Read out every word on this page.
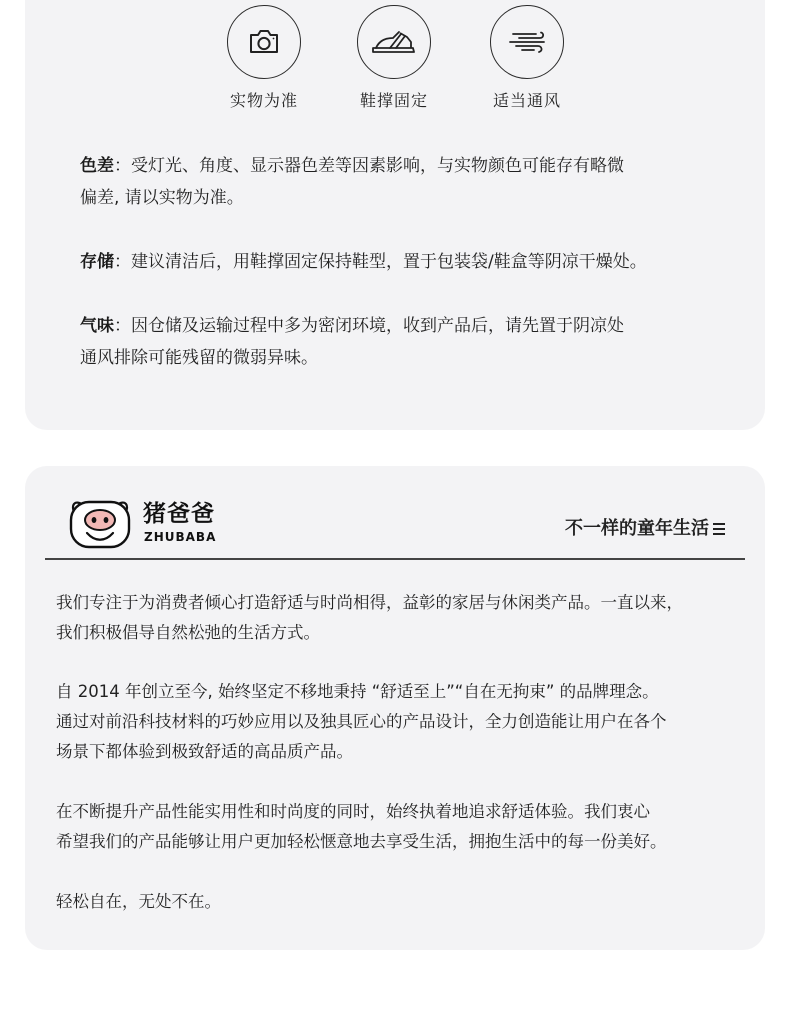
实物为准	鞋撑固定	适当通风
色差：受灯光、角度、显示器色差等因素影响，与实物颜色可能存有略微
偏差, 请以实物为准。
存储：建议清洁后，用鞋撑固定保持鞋型，置于包装袋/鞋盒等阴凉干燥处。
气味：因仓储及运输过程中多为密闭环境，收到产品后，请先置于阴凉处
通风排除可能残留的微弱异味。
猪爸爸
ZHUBABA	不一样的童年生活
我们专注于为消费者倾心打造舒适与时尚相得，益彰的家居与休闲类产品。一直以来，
我们积极倡导自然松弛的生活方式。
自 2014 年创立至今, 始终坚定不移地秉持 “舒适至上”“自在无拘束” 的品牌理念。
通过对前沿科技材料的巧妙应用以及独具匠心的产品设计，全力创造能让用户在各个
场景下都体验到极致舒适的高品质产品。
在不断提升产品性能实用性和时尚度的同时，始终执着地追求舒适体验。我们衷心
希望我们的产品能够让用户更加轻松惬意地去享受生活，拥抱生活中的每一份美好。
轻松自在，无处不在。
